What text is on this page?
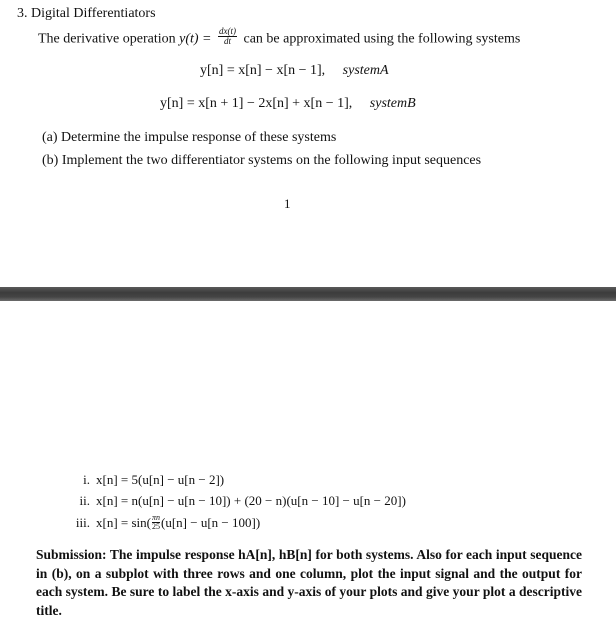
3. Digital Differentiators
The derivative operation $y(t) = \frac{dx(t)}{dt}$ can be approximated using the following systems
y[n] = x[n] − x[n − 1], systemA
y[n] = x[n + 1] − 2x[n] + x[n − 1], systemB
(a) Determine the impulse response of these systems
(b) Implement the two differentiator systems on the following input sequences
1
i. x[n] = 5(u[n] − u[n − 2])
ii. x[n] = n(u[n] − u[n − 10]) + (20 − n)(u[n − 10] − u[n − 20])
iii. $x[n] = \sin( \frac{\pi n}{25} (u[n] - u[n - 100])$
Submission: The impulse response hA[n], hB[n] for both systems. Also for each input sequence in (b), on a subplot with three rows and one column, plot the input signal and the output for each system. Be sure to label the x-axis and y-axis of your plots and give your plot a descriptive title.
